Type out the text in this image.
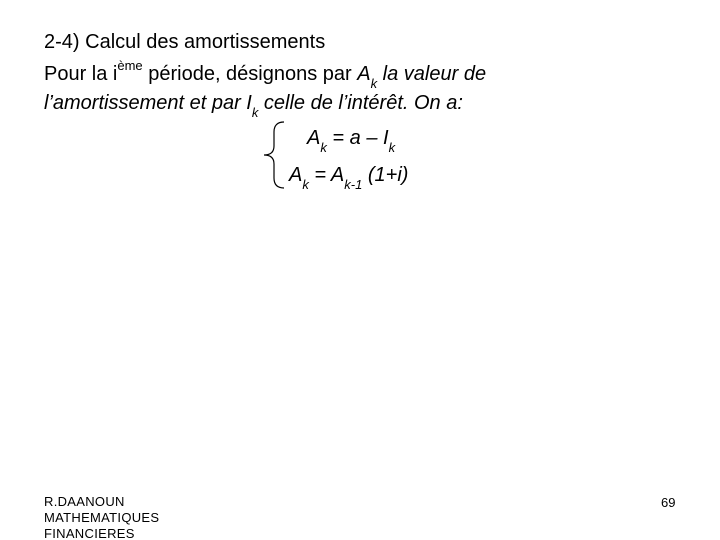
2-4) Calcul des amortissements
Pour la $i^{ème}$ période, désignons par $A_k$ la valeur de
l’amortissement et par $I_k$ celle de l’intérêt. On a:
$A_k = a - I_k$
$A_k = A_{k-1}$ (1+i)
R.DAANOUN
MATHEMATIQUES
FINANCIERES
69
